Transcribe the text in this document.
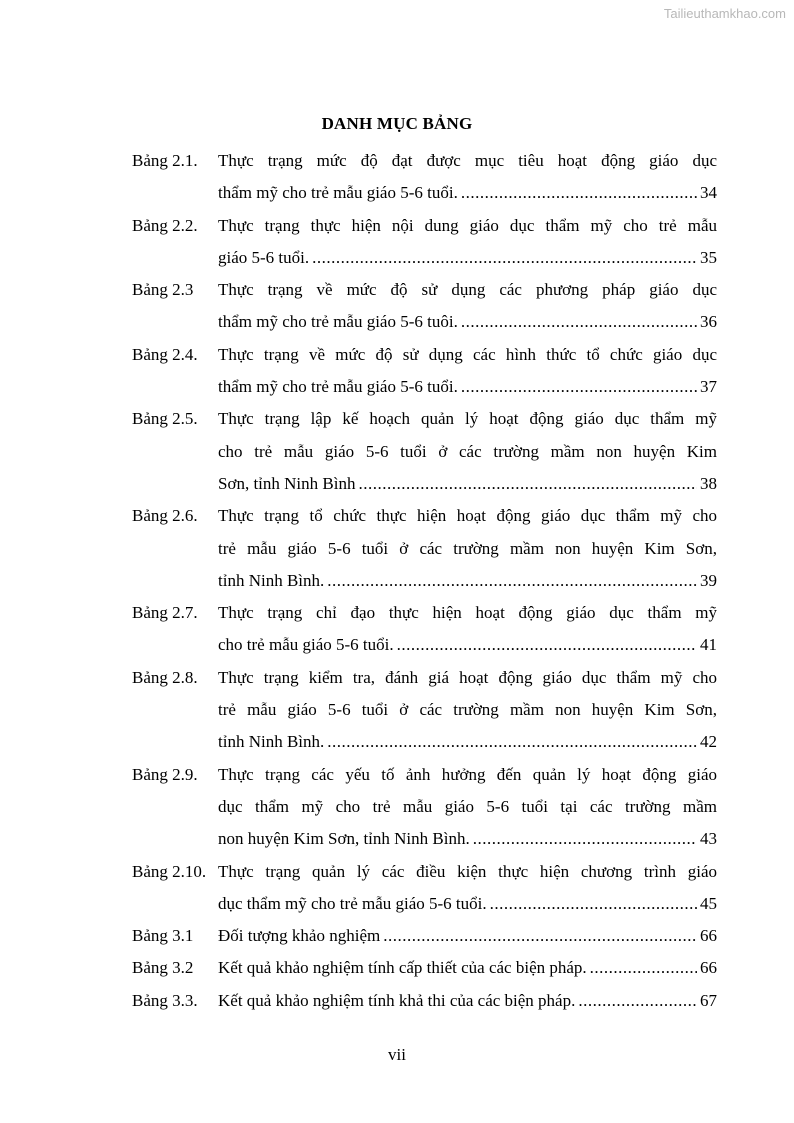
Tailieuthamkhao.com
DANH MỤC BẢNG
Bảng 2.1.	Thực trạng mức độ đạt được mục tiêu hoạt động giáo dục
thẩm mỹ cho trẻ mẫu giáo 5-6 tuổi. .....	34
Bảng 2.2.	Thực trạng thực hiện nội dung giáo dục thẩm mỹ cho trẻ mẫu
giáo 5-6 tuổi. .....	35
Bảng 2.3	Thực trạng về mức độ sử dụng các phương pháp giáo dục
thẩm mỹ cho trẻ mẫu giáo 5-6 tuôi. .....	36
Bảng 2.4.	Thực trạng về mức độ sử dụng các hình thức tổ chức giáo dục
thẩm mỹ cho trẻ mẫu giáo 5-6 tuổi. .....	37
Bảng 2.5.	Thực trạng lập kế hoạch quản lý hoạt động giáo dục thẩm mỹ
cho trẻ mẫu giáo 5-6 tuổi ở các trường mầm non huyện Kim
Sơn, tỉnh Ninh Bình .....	38
Bảng 2.6.	Thực trạng tổ chức thực hiện hoạt động giáo dục thẩm mỹ cho
trẻ mẫu giáo 5-6 tuổi ở các trường mầm non huyện Kim Sơn,
tỉnh Ninh Bình. .....	39
Bảng 2.7.	Thực trạng chỉ đạo thực hiện hoạt động giáo dục thẩm mỹ
cho trẻ mẫu giáo 5-6 tuổi. .....	41
Bảng 2.8.	Thực trạng kiểm tra, đánh giá hoạt động giáo dục thẩm mỹ cho
trẻ mẫu giáo 5-6 tuổi ở các trường mầm non huyện Kim Sơn,
tỉnh Ninh Bình. .....	42
Bảng 2.9.	Thực trạng các yếu tố ảnh hưởng đến quản lý hoạt động giáo
dục thẩm mỹ cho trẻ mẫu giáo 5-6 tuổi tại các trường mầm
non huyện Kim Sơn, tỉnh Ninh Bình. .....	43
Bảng 2.10. Thực trạng quản lý các điều kiện thực hiện chương trình giáo
dục thẩm mỹ cho trẻ mẫu giáo 5-6 tuổi. .....	45
Bảng 3.1	Đối tượng khảo nghiệm .....	66
Bảng 3.2	Kết quả khảo nghiệm tính cấp thiết của các biện pháp. .....	66
Bảng 3.3.	Kết quả khảo nghiệm tính khả thi của các biện pháp. .....	67
vii
